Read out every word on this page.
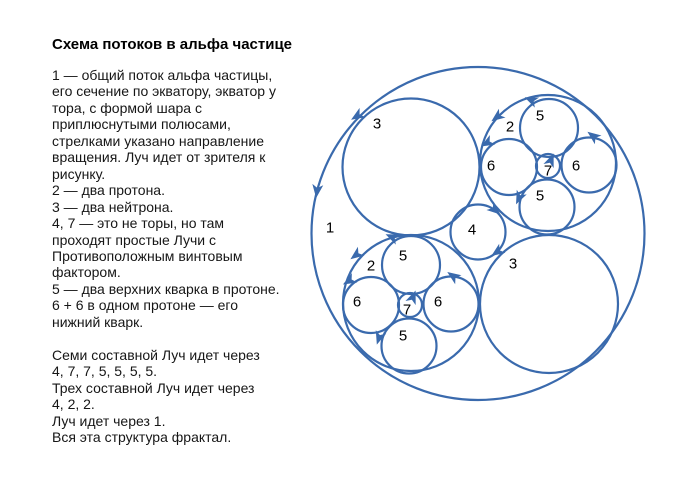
Схема потоков в альфа частице
1 — общий поток альфа частицы,
его сечение по экватору, экватор у
тора, с формой шара с
приплюснутыми полюсами,
стрелками указано направление
вращения. Луч идет от зрителя к
рисунку.
2 — два протона.
3 — два нейтрона.
4, 7 — это не торы, но там
проходят простые Лучи с
Противоположным винтовым
фактором.
5 — два верхних кварка в протоне.
6 + 6 в одном протоне — его
нижний кварк.

Семи составной Луч идет через
4, 7, 7, 5, 5, 5, 5.
Трех составной Луч идет через
4, 2, 2.
Луч идет через 1.
Вся эта структура фрактал.
1
3	2
5
6	7 6
5
4
3
2
5
6	7 6
5
